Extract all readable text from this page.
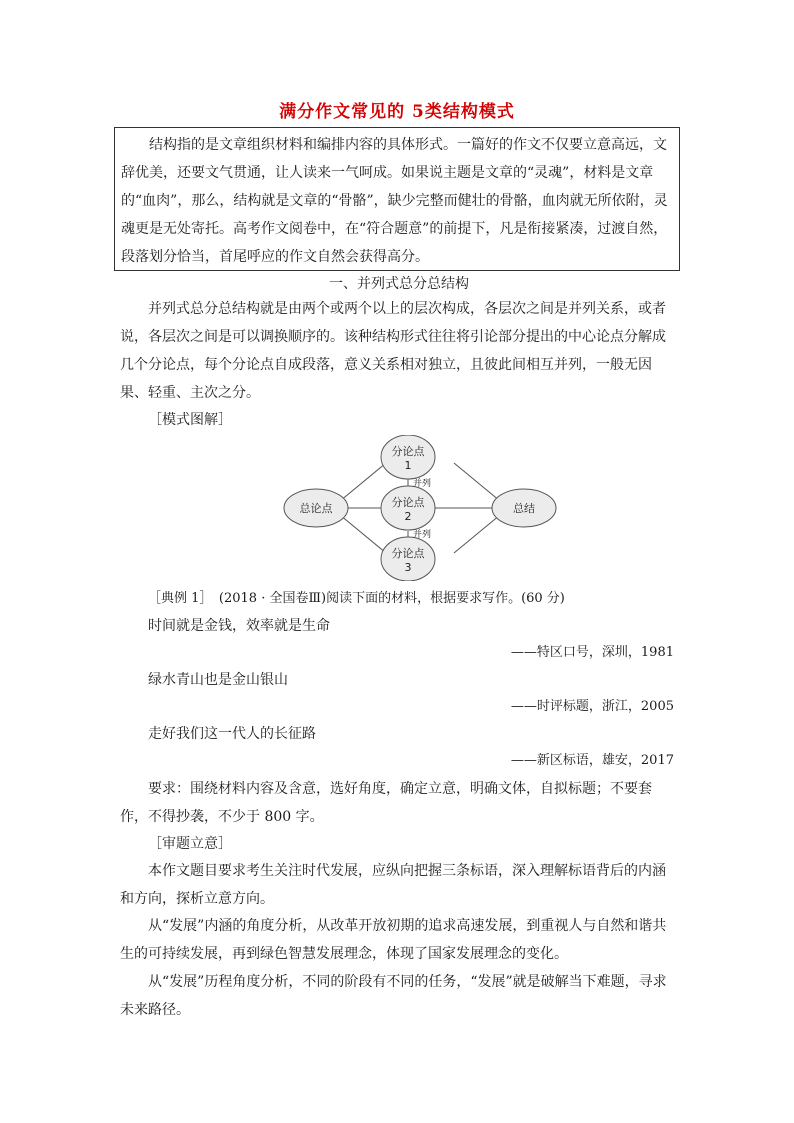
满分作文常见的 5类结构模式

结构指的是文章组织材料和编排内容的具体形式。一篇好的作文不仅要立意高远，文辞优美，还要文气贯通，让人读来一气呵成。如果说主题是文章的“灵魂”，材料是文章的“血肉”，那么，结构就是文章的“骨骼”，缺少完整而健壮的骨骼，血肉就无所依附，灵魂更是无处寄托。高考作文阅卷中，在“符合题意”的前提下，凡是衔接紧凑，过渡自然，段落划分恰当，首尾呼应的作文自然会获得高分。

一、并列式总分总结构

并列式总分总结构就是由两个或两个以上的层次构成，各层次之间是并列关系，或者说，各层次之间是可以调换顺序的。该种结构形式往往将引论部分提出的中心论点分解成几个分论点，每个分论点自成段落，意义关系相对独立，且彼此间相互并列，一般无因果、轻重、主次之分。

［模式图解］

总论点	总结
分论点
1
分论点
2
分论点
3
并列
并列

［典例 1］　(2018 · 全国卷Ⅲ)阅读下面的材料，根据要求写作。(60 分)

时间就是金钱，效率就是生命

——特区口号，深圳，1981

绿水青山也是金山银山

——时评标题，浙江，2005

走好我们这一代人的长征路

——新区标语，雄安，2017

要求：围绕材料内容及含意，选好角度，确定立意，明确文体，自拟标题；不要套作，不得抄袭，不少于 800 字。

［审题立意］

本作文题目要求考生关注时代发展，应纵向把握三条标语，深入理解标语背后的内涵和方向，探析立意方向。

从“发展”内涵的角度分析，从改革开放初期的追求高速发展，到重视人与自然和谐共生的可持续发展，再到绿色智慧发展理念，体现了国家发展理念的变化。

从“发展”历程角度分析，不同的阶段有不同的任务，“发展”就是破解当下难题，寻求未来路径。
